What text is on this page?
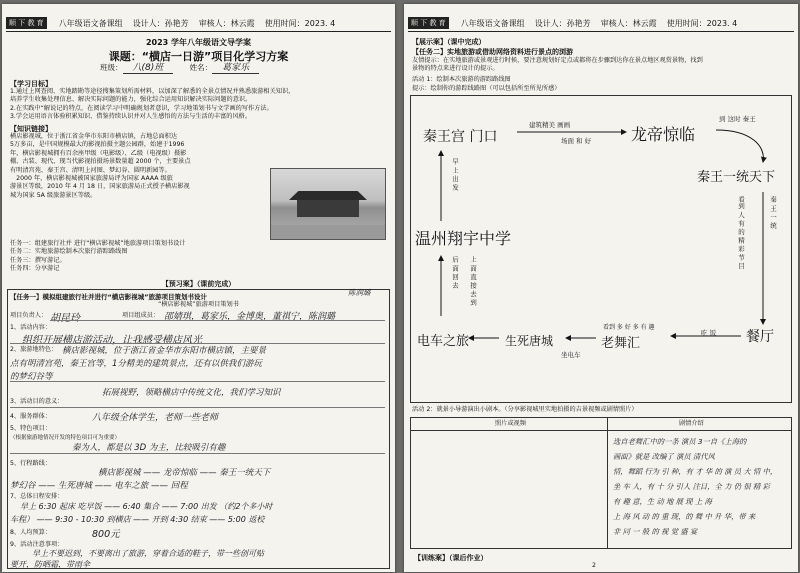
顺 下 教 育	八年级语文备课组 设计人：孙艳芳 审核人：林云霞 使用时间：2023. 4
2023 学年八年级语文导学案
课题：“横店一日游”项目化学习方案
班级： 八(8)班	姓名： 葛家乐
【学习目标】
1.通过上网查阅、实地踏勘等途径搜集策划所需材料，以加深了解悉的全景点情况并熟悉旅游相关知识，
培养学生收集处理信息、解决实际问题的能力，强化综合运用知识解决实际问题的意识。
2.在实践中“解说记的特点，在阅读学习中明确规划者意识，学习地策划书与文学画的写作方法。
3.学会运用语言体验积累知识、借鉴持续认识并对人生感悟的方法与生活的丰富的风格。
【知识链接】
横店影视城，位于浙江省金华市东阳市横店镇，占地总面积达
5万多亩，是中国规模最大的影视拍摄主题公园群，始建于1996
年，横店影视城拥有百余座甲级（电影级）、乙级（电视级）摄影
棚、古装、现代、现当代影视拍摄场景数量超 2000 个，主要景点
有明清宫苑、秦王宫、清明上河图、梦幻谷、圆明新园等。
　2000 年，横店影视城被国家旅游局评为国家 AAAA 级旅
游景区等级，2010 年 4 月 18 日，国家旅游局正式授予横店影视
城为国家 5A 级旅游景区等级。
任务一：组建旅行社并 进行“横店影视城”地旅游项目策划书设计
任务二：实地旅游绘制本次旅行游踪路线图
任务三：撰写游记。
任务四：分享游记
【预习案】（课前完成）
【任务一】模拟组建旅行社并进行“横店影视城”旅游项目策划书设计	陈润璐
“横店影视城”旅游项目策划书
项目负责人： 胡昆玲	项目组成员： 邵婧琪，葛家乐，金博奥，董祺宁，陈润璐
1、活动内容：
组织开展横店游活动，让我感受横店风光
2、旅游地特色： 横店影视城，位于浙江省金华市东阳市横店镇，主要景
点有明清宫苑，秦王宫等，1分精美的建筑景点，还有以供我们游玩
的梦幻谷等
拓展视野，领略横店中传统文化，我们学习知识
3、活动目的意义：
4、服务群体：	八年级全体学生，老师一些老师
5、特色项目：
（根据旅游地情况开发的特色项目可为重要）
秦为人，都是以 3D 为主，比较吸引有趣
5、行程路线：
横店影视城 —— 龙帝惊临 —— 秦王一统天下
梦幻谷 —— 生死唐城 —— 电车之旅 —— 回程
7、总体日程安排：
早上 6:30 起床 吃早饭 —— 6:40 集合 —— 7:00 出发 （约2个多小时
车程） —— 9:30 - 10:30 到横店 —— 开到 4:30 结束 —— 5:00 返校
8、人均预算：	800元
9、活动注意事项：
早上不要迟到，不要离出了旅游，穿着合适的鞋子，带一些创可贴
要开，防晒霜，带雨伞
顺 下 教 育	八年级语文备课组 设计人：孙艳芳 审核人：林云霞 使用时间：2023. 4
【展示案】（课中完成）
【任务二】实地旅游或借助网络资料进行景点的浏游
友情提示：在实地旅游或景观进行时候，要注意规划好定点或都将在步骤到达你在景点地区观赏景物，找到
景物的特点来进行设计的提示。
活动 1：绘制本次旅游的游踪路线图
提示：绘制你的游踪线路图（可以包括所至所见所感）
秦王宫 门口	龙帝惊临
秦王一统天下
温州翔宇中学
电车之旅	生死唐城	老舞汇	餐厅
建筑精美 画画
场面 和 好
到 这时 秦王
吃 饭
看到 多 好 多 有 趣
坐电车
早 上 出 发
后 面 回 去 上 面 直 接 去 到
看到 人 有 的 精 彩 节 目	秦 王 一 统
活动 2：就景小导游演出小剧本。（分享影视城里实地拍摄的吉景视频或剧情照片）
照片或视频	剧情介绍
选自老舞汇中的一条 演员 3一自《上海的
画面》就是 改编了 演员 清代风
情，舞蹈 行为 引 种，有 才 华 的 演 员 大 情 中，
坐 车 人，有 十 分 引人 注目，全 力 仍 很 精 彩
有 趣 意，生 动 地 展 现 上 海
上 海 风 动 的 重 现，的 舞 中 升 华，带 来
非 同 一 般 的 视 觉 盛 宴
【训练案】（课后作业）
2
